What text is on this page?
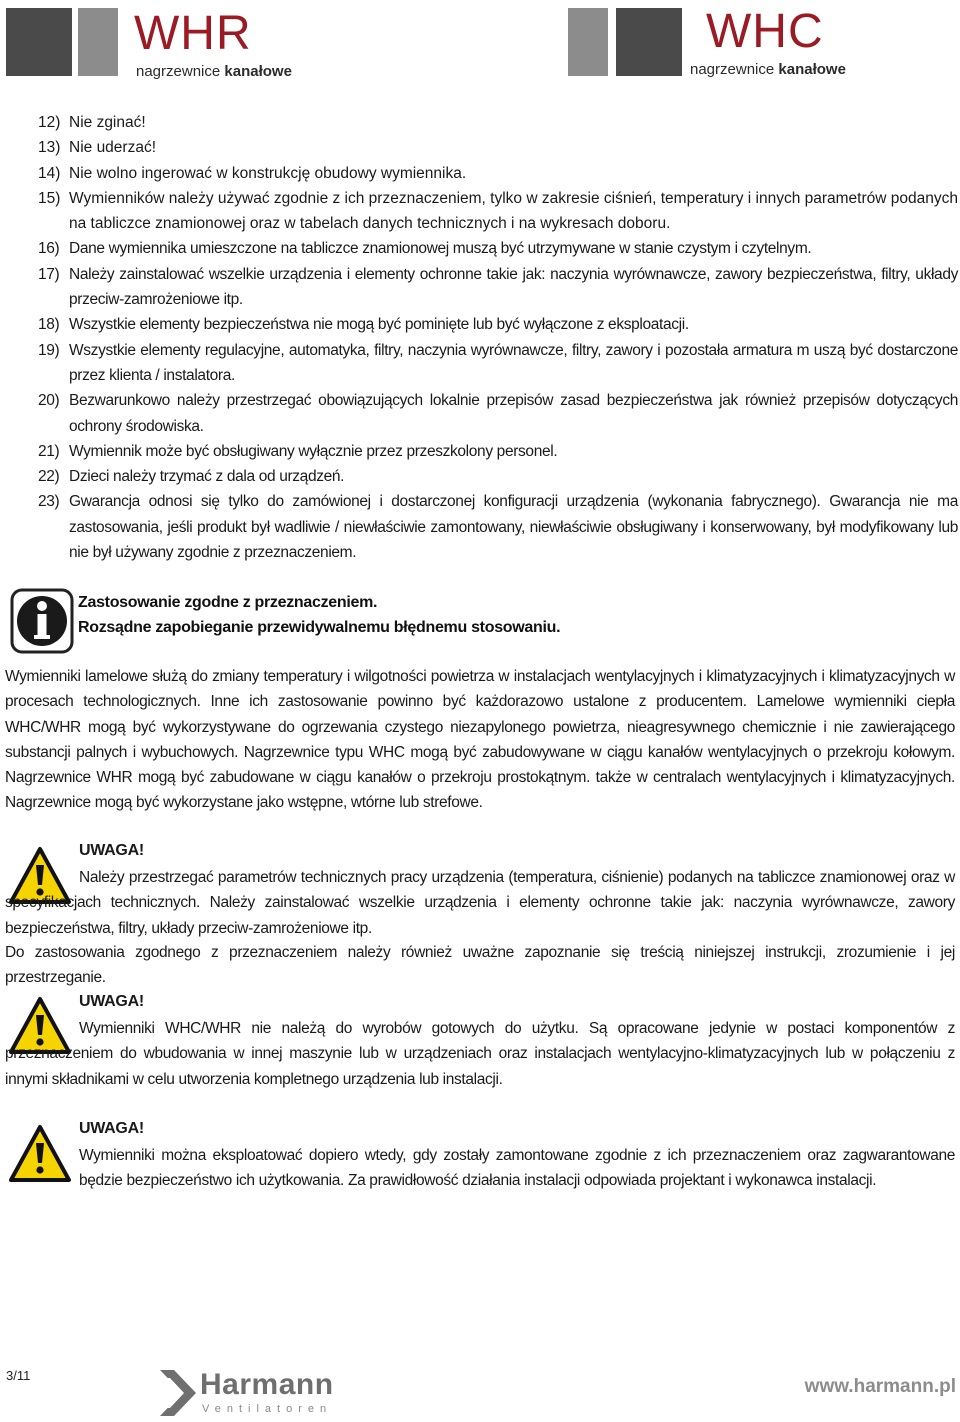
WHR
nagrzewnice kanałowe
WHC
nagrzewnice kanałowe
12) Nie zginać!
13) Nie uderzać!
14) Nie wolno ingerować w konstrukcję obudowy wymiennika.
15) Wymienników należy używać zgodnie z ich przeznaczeniem, tylko w zakresie ciśnień, temperatury i innych parametrów podanych na tabliczce znamionowej oraz w tabelach danych technicznych i na wykresach doboru.
16) Dane wymiennika umieszczone na tabliczce znamionowej muszą być utrzymywane w stanie czystym i czytelnym.
17) Należy zainstalować wszelkie urządzenia i elementy ochronne takie jak: naczynia wyrównawcze, zawory bezpieczeństwa, filtry, układy przeciw-zamrożeniowe itp.
18) Wszystkie elementy bezpieczeństwa nie mogą być pominięte lub być wyłączone z eksploatacji.
19) Wszystkie elementy regulacyjne, automatyka, filtry, naczynia wyrównawcze, filtry, zawory i pozostała armatura m uszą być dostarczone przez klienta / instalatora.
20) Bezwarunkowo należy przestrzegać obowiązujących lokalnie przepisów zasad bezpieczeństwa jak również przepisów dotyczących ochrony środowiska.
21) Wymiennik może być obsługiwany wyłącznie przez przeszkolony personel.
22) Dzieci należy trzymać z dala od urządzeń.
23) Gwarancja odnosi się tylko do zamówionej i dostarczonej konfiguracji urządzenia (wykonania fabrycznego). Gwarancja nie ma zastosowania, jeśli produkt był wadliwie / niewłaściwie zamontowany, niewłaściwie obsługiwany i konserwowany, był modyfikowany lub nie był używany zgodnie z przeznaczeniem.
Zastosowanie zgodne z przeznaczeniem.
Rozsądne zapobieganie przewidywalnemu błędnemu stosowaniu.
Wymienniki lamelowe służą do zmiany temperatury i wilgotności powietrza w instalacjach wentylacyjnych i klimatyzacyjnych i klimatyzacyjnych w procesach technologicznych. Inne ich zastosowanie powinno być każdorazowo ustalone z producentem. Lamelowe wymienniki ciepła WHC/WHR mogą być wykorzystywane do ogrzewania czystego niezapylonego powietrza, nieagresywnego chemicznie i nie zawierającego substancji palnych i wybuchowych. Nagrzewnice typu WHC mogą być zabudowywane w ciągu kanałów wentylacyjnych o przekroju kołowym. Nagrzewnice WHR mogą być zabudowane w ciągu kanałów o przekroju prostokątnym. także w centralach wentylacyjnych i klimatyzacyjnych. Nagrzewnice mogą być wykorzystane jako wstępne, wtórne lub strefowe.
UWAGA!
Należy przestrzegać parametrów technicznych pracy urządzenia (temperatura, ciśnienie) podanych na tabliczce znamionowej oraz w specyfikacjach technicznych. Należy zainstalować wszelkie urządzenia i elementy ochronne takie jak: naczynia wyrównawcze, zawory bezpieczeństwa, filtry, układy przeciw-zamrożeniowe itp.
Do zastosowania zgodnego z przeznaczeniem należy również uważne zapoznanie się treścią niniejszej instrukcji, zrozumienie i jej przestrzeganie.
UWAGA!
Wymienniki WHC/WHR nie należą do wyrobów gotowych do użytku. Są opracowane jedynie w postaci komponentów z przeznaczeniem do wbudowania w innej maszynie lub w urządzeniach oraz instalacjach wentylacyjno-klimatyzacyjnych lub w połączeniu z innymi składnikami w celu utworzenia kompletnego urządzenia lub instalacji.
UWAGA!
Wymienniki można eksploatować dopiero wtedy, gdy zostały zamontowane zgodnie z ich przeznaczeniem oraz zagwarantowane będzie bezpieczeństwo ich użytkowania. Za prawidłowość działania instalacji odpowiada projektant i wykonawca instalacji.
3/11	Harmann
Ventilatoren
www.harmann.pl
